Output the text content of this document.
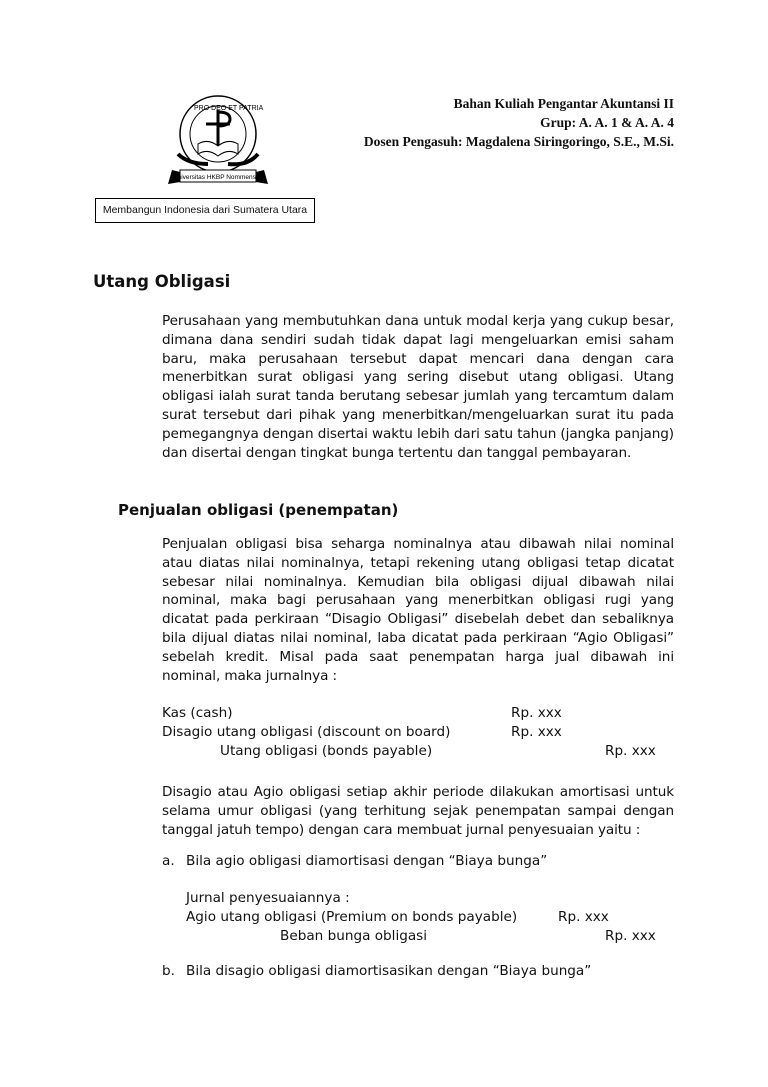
Bahan Kuliah Pengantar Akuntansi II
Grup: A. A. 1 & A. A. 4
Dosen Pengasuh: Magdalena Siringoringo, S.E., M.Si.
PRO DEO ET PATRIA
Universitas HKBP Nommensen
Membangun Indonesia dari Sumatera Utara
Utang Obligasi
Perusahaan yang membutuhkan dana untuk modal kerja yang cukup besar, dimana dana sendiri sudah tidak dapat lagi mengeluarkan emisi saham baru, maka perusahaan tersebut dapat mencari dana dengan cara menerbitkan surat obligasi yang sering disebut utang obligasi. Utang obligasi ialah surat tanda berutang sebesar jumlah yang tercamtum dalam surat tersebut dari pihak yang menerbitkan/mengeluarkan surat itu pada pemegangnya dengan disertai waktu lebih dari satu tahun (jangka panjang) dan disertai dengan tingkat bunga tertentu dan tanggal pembayaran.
Penjualan obligasi (penempatan)
Penjualan obligasi bisa seharga nominalnya atau dibawah nilai nominal atau diatas nilai nominalnya, tetapi rekening utang obligasi tetap dicatat sebesar nilai nominalnya. Kemudian bila obligasi dijual dibawah nilai nominal, maka bagi perusahaan yang menerbitkan obligasi rugi yang dicatat pada perkiraan “Disagio Obligasi” disebelah debet dan sebaliknya bila dijual diatas nilai nominal, laba dicatat pada perkiraan “Agio Obligasi” sebelah kredit. Misal pada saat penempatan harga jual dibawah ini nominal, maka jurnalnya :
Kas (cash)	Rp. xxx
Disagio utang obligasi (discount on board)	Rp. xxx
Utang obligasi (bonds payable)	Rp. xxx
Disagio atau Agio obligasi setiap akhir periode dilakukan amortisasi untuk selama umur obligasi (yang terhitung sejak penempatan sampai dengan tanggal jatuh tempo) dengan cara membuat jurnal penyesuaian yaitu :
a. Bila agio obligasi diamortisasi dengan “Biaya bunga”
Jurnal penyesuaiannya :
Agio utang obligasi (Premium on bonds payable)	Rp. xxx
Beban bunga obligasi	Rp. xxx
b. Bila disagio obligasi diamortisasikan dengan “Biaya bunga”
